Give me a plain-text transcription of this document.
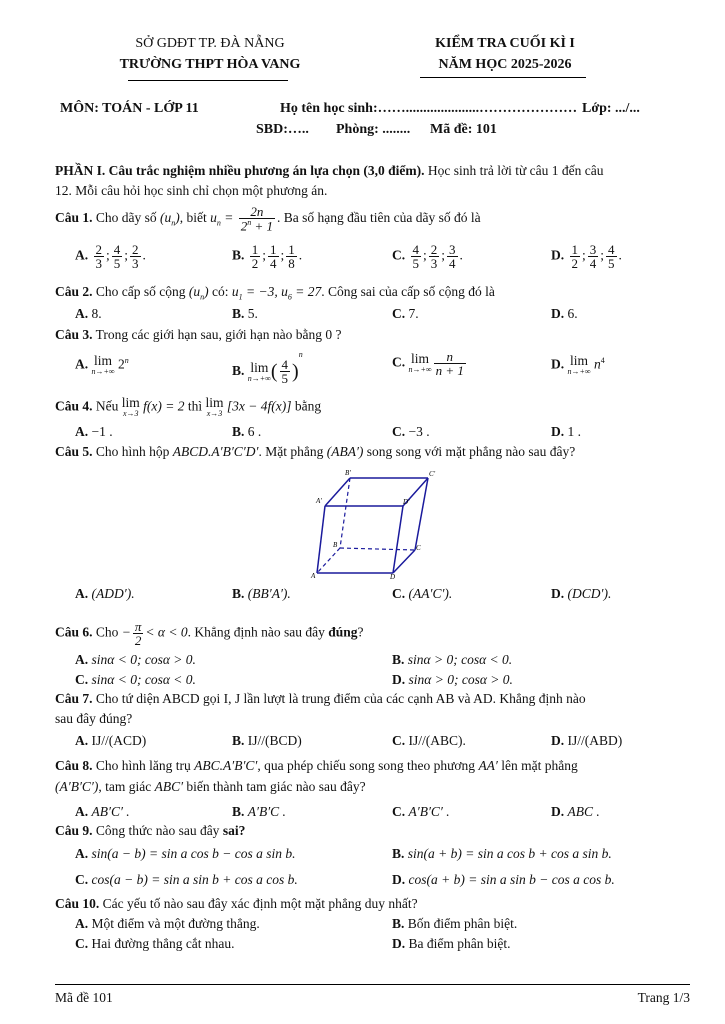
SỞ GDĐT TP. ĐÀ NẴNG
TRƯỜNG THPT HÒA VANG
KIỂM TRA CUỐI KÌ I
NĂM HỌC 2025-2026
MÔN: TOÁN - LỚP 11	Họ tên học sinh:…….....................………………… Lớp: .../...
SBD:….. Phòng: ........ Mã đề: 101
PHẦN I. Câu trắc nghiệm nhiều phương án lựa chọn (3,0 điểm). Học sinh trả lời từ câu 1 đến câu
12. Mỗi câu hỏi học sinh chỉ chọn một phương án.
Câu 1. Cho dãy số $(u_n)$, biết $u_n = \frac{2n}{2^n + 1}$ . Ba số hạng đầu tiên của dãy số đó là
A. $\frac{2}{3}$ ; $\frac{4}{5}$ ; $\frac{2}{3}$ .	B. $\frac{1}{2}$ ; $\frac{1}{4}$ ; $\frac{1}{8}$ .	C. $\frac{4}{5}$ ; $\frac{2}{3}$ ; $\frac{3}{4}$ .	D. $\frac{1}{2}$ ; $\frac{3}{4}$ ; $\frac{4}{5}$ .
Câu 2. Cho cấp số cộng $(u_n)$ có: $u_1 = -3$, $u_6 = 27$. Công sai của cấp số cộng đó là
A. 8.	B. 5.	C. 7.	D. 6.
Câu 3. Trong các giới hạn sau, giới hạn nào bằng 0 ?
A. lim
n→+∞
2$^n$
B. lim
n→+∞ ( $\frac{4}{5} )^n$
C. lim
$n\to+\infty \frac{n}{n + 1}$	D. lim
n→+∞
$n^4$
Câu 4. Nếu lim
x→3
f(x) = 2 thì lim
x→3
[3x − 4f(x)] bằng
A. −1 .	B. 6 .	C. −3 .	D. 1 .
Câu 5. Cho hình hộp ABCD.A′B′C′D′. Mặt phẳng (ABA′) song song với mặt phẳng nào sau đây?
B′	C′
A′	D′
B	C
A	D
A. (ADD′).	B. (BB′A′).	C. (AA′C′).	D. (DCD′).
Câu 6. Cho − $\frac{\pi}{2} < \alpha < 0$. Khẳng định nào sau đây đúng?
A. sinα < 0; cosα > 0.	B. sinα > 0; cosα < 0.
C. sinα < 0; cosα < 0.	D. sinα > 0; cosα > 0.
Câu 7. Cho tứ diện ABCD gọi I, J lần lượt là trung điểm của các cạnh AB và AD. Khẳng định nào
sau đây đúng?
A. IJ//(ACD)	B. IJ//(BCD)	C. IJ//(ABC).	D. IJ//(ABD)
Câu 8. Cho hình lăng trụ ABC.A′B′C′, qua phép chiếu song song theo phương AA′ lên mặt phẳng
(A′B′C′), tam giác ABC′ biến thành tam giác nào sau đây?
A. AB′C′ .	B. A′B′C .	C. A′B′C′ .	D. ABC .
Câu 9. Công thức nào sau đây sai?
A. sin(a − b) = sin a cos b − cos a sin b.	B. sin(a + b) = sin a cos b + cos a sin b.
C. cos(a − b) = sin a sin b + cos a cos b.	D. cos(a + b) = sin a sin b − cos a cos b.
Câu 10. Các yếu tố nào sau đây xác định một mặt phẳng duy nhất?
A. Một điểm và một đường thẳng.	B. Bốn điểm phân biệt.
C. Hai đường thẳng cắt nhau.	D. Ba điểm phân biệt.
Mã đề 101	Trang 1/3
